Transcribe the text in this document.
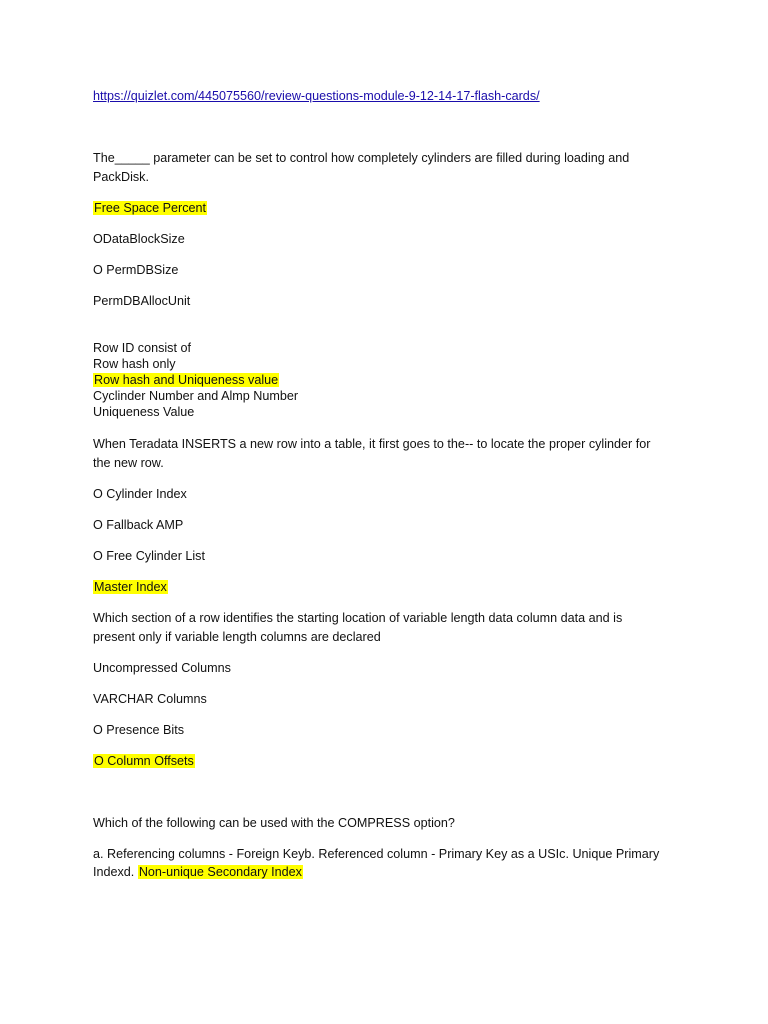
https://quizlet.com/445075560/review-questions-module-9-12-14-17-flash-cards/
The_____ parameter can be set to control how completely cylinders are filled during loading and
PackDisk.
Free Space Percent
ODataBlockSize
O PermDBSize
PermDBAllocUnit
Row ID consist of
Row hash only
Row hash and Uniqueness value
Cyclinder Number and Almp Number
Uniqueness Value
When Teradata INSERTS a new row into a table, it first goes to the-- to locate the proper cylinder for
the new row.
O Cylinder Index
O Fallback AMP
O Free Cylinder List
Master Index
Which section of a row identifies the starting location of variable length data column data and is
present only if variable length columns are declared
Uncompressed Columns
VARCHAR Columns
O Presence Bits
O Column Offsets
Which of the following can be used with the COMPRESS option?
a. Referencing columns - Foreign Keyb. Referenced column - Primary Key as a USIc. Unique Primary
Indexd. Non-unique Secondary Index
